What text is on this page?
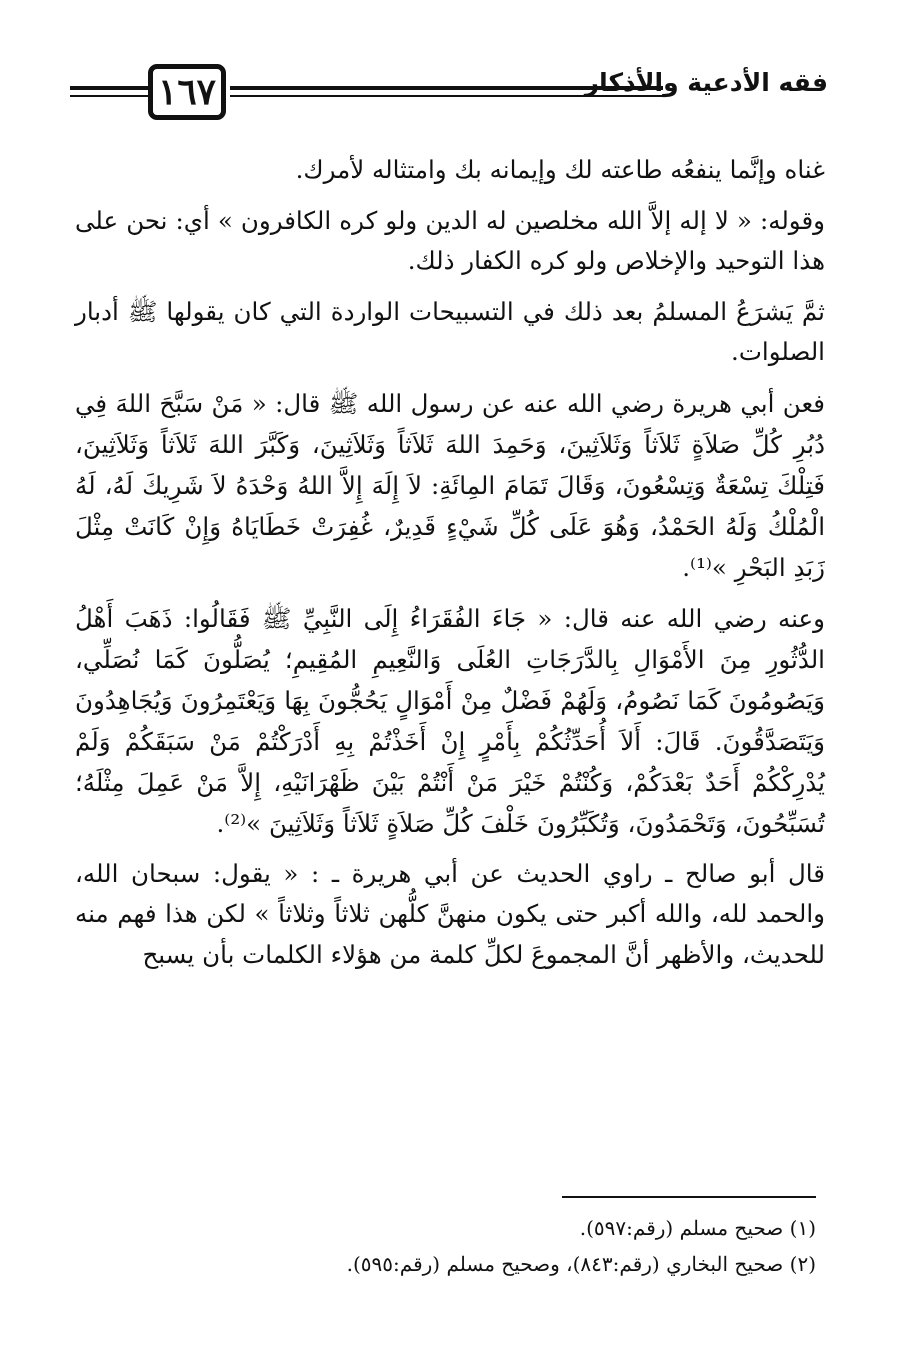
١٦٧	فقه الأدعية والأذكار

غناه وإنَّما ينفعُه طاعته لك وإيمانه بك وامتثاله لأمرك.

وقوله: « لا إله إلاَّ الله مخلصين له الدين ولو كره الكافرون » أي: نحن على هذا التوحيد والإخلاص ولو كره الكفار ذلك.

ثمَّ يَشرَعُ المسلمُ بعد ذلك في التسبيحات الواردة التي كان يقولها ﷺ أدبار الصلوات.

فعن أبي هريرة رضي الله عنه عن رسول الله ﷺ قال: « مَنْ سَبَّحَ اللهَ فِي دُبُرِ كُلِّ صَلاَةٍ ثَلاَثاً وَثَلاَثِينَ، وَحَمِدَ اللهَ ثَلاَثاً وَثَلاَثِينَ، وَكَبَّرَ اللهَ ثَلاَثاً وَثَلاَثِينَ، فَتِلْكَ تِسْعَةٌ وَتِسْعُونَ، وَقَالَ تَمَامَ المِائَةِ: لاَ إِلَهَ إِلاَّ اللهُ وَحْدَهُ لاَ شَرِيكَ لَهُ، لَهُ الْمُلْكُ وَلَهُ الحَمْدُ، وَهُوَ عَلَى كُلِّ شَيْءٍ قَدِيرٌ، غُفِرَتْ خَطَايَاهُ وَإِنْ كَانَتْ مِثْلَ زَبَدِ البَحْرِ »⁽¹⁾.

وعنه رضي الله عنه قال: « جَاءَ الفُقَرَاءُ إِلَى النَّبِيِّ ﷺ فَقَالُوا: ذَهَبَ أَهْلُ الدُّثُورِ مِنَ الأَمْوَالِ بِالدَّرَجَاتِ العُلَى وَالنَّعِيمِ المُقِيمِ؛ يُصَلُّونَ كَمَا نُصَلِّي، وَيَصُومُونَ كَمَا نَصُومُ، وَلَهُمْ فَضْلٌ مِنْ أَمْوَالٍ يَحُجُّونَ بِهَا وَيَعْتَمِرُونَ وَيُجَاهِدُونَ وَيَتَصَدَّقُونَ. قَالَ: أَلاَ أُحَدِّثُكُمْ بِأَمْرٍ إِنْ أَخَذْتُمْ بِهِ أَدْرَكْتُمْ مَنْ سَبَقَكُمْ وَلَمْ يُدْرِكْكُمْ أَحَدٌ بَعْدَكُمْ، وَكُنْتُمْ خَيْرَ مَنْ أَنْتُمْ بَيْنَ ظَهْرَانَيْهِ، إِلاَّ مَنْ عَمِلَ مِثْلَهُ؛ تُسَبِّحُونَ، وَتَحْمَدُونَ، وَتُكَبِّرُونَ خَلْفَ كُلِّ صَلاَةٍ ثَلاَثاً وَثَلاَثِينَ »⁽²⁾.

قال أبو صالح ـ راوي الحديث عن أبي هريرة ـ : « يقول: سبحان الله، والحمد لله، والله أكبر حتى يكون منهنَّ كلُّهن ثلاثاً وثلاثاً » لكن هذا فهم منه للحديث، والأظهر أنَّ المجموعَ لكلِّ كلمة من هؤلاء الكلمات بأن يسبح

(١) صحيح مسلم (رقم:٥٩٧).
(٢) صحيح البخاري (رقم:٨٤٣)، وصحيح مسلم (رقم:٥٩٥).
